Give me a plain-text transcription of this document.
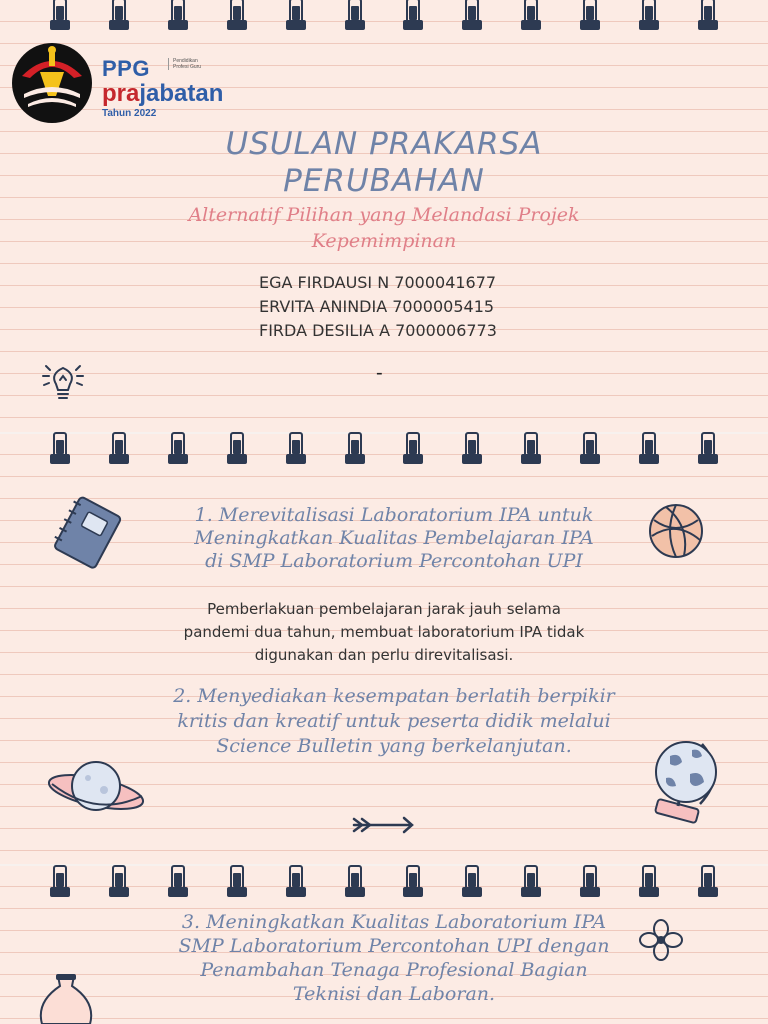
PPG	Pendidikan Profesi Guru
prajabatan
Tahun 2022
USULAN PRAKARSA
PERUBAHAN
Alternatif Pilihan yang Melandasi Projek
Kepemimpinan
EGA FIRDAUSI N 7000041677
ERVITA ANINDIA 7000005415
FIRDA DESILIA A 7000006773
-
1. Merevitalisasi Laboratorium IPA untuk
Meningkatkan Kualitas Pembelajaran IPA
di SMP Laboratorium Percontohan UPI
Pemberlakuan pembelajaran jarak jauh selama
pandemi dua tahun, membuat laboratorium IPA tidak
digunakan dan perlu direvitalisasi.
2. Menyediakan kesempatan berlatih berpikir
kritis dan kreatif untuk peserta didik melalui
Science Bulletin yang berkelanjutan.
3. Meningkatkan Kualitas Laboratorium IPA
SMP Laboratorium Percontohan UPI dengan
Penambahan Tenaga Profesional Bagian
Teknisi dan Laboran.
